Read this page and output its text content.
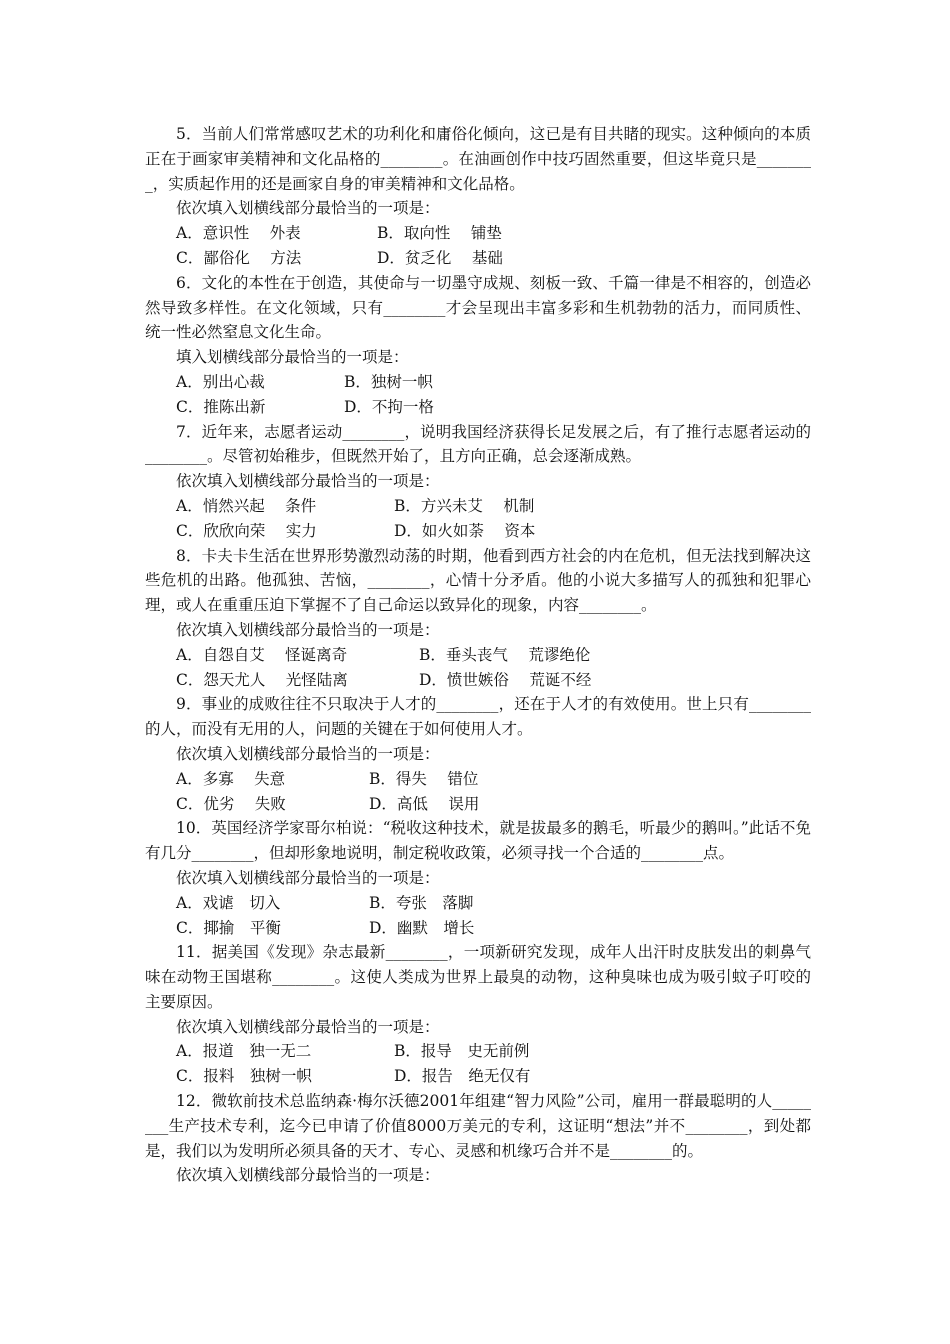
5．当前人们常常感叹艺术的功利化和庸俗化倾向，这已是有目共睹的现实。这种倾向的本质正在于画家审美精神和文化品格的________。在油画创作中技巧固然重要，但这毕竟只是________，实质起作用的还是画家自身的审美精神和文化品格。

依次填入划横线部分最恰当的一项是：

A．意识性　 外表	B．取向性　 铺垫
C．鄙俗化　 方法	D．贫乏化　 基础

6．文化的本性在于创造，其使命与一切墨守成规、刻板一致、千篇一律是不相容的，创造必然导致多样性。在文化领域，只有________才会呈现出丰富多彩和生机勃勃的活力，而同质性、统一性必然窒息文化生命。

填入划横线部分最恰当的一项是：

A．别出心裁	B．独树一帜
C．推陈出新	D．不拘一格

7．近年来，志愿者运动________，说明我国经济获得长足发展之后，有了推行志愿者运动的________。尽管初始稚步，但既然开始了，且方向正确，总会逐渐成熟。

依次填入划横线部分最恰当的一项是：

A．悄然兴起　 条件	B．方兴未艾　 机制
C．欣欣向荣　 实力	D．如火如荼　 资本

8．卡夫卡生活在世界形势激烈动荡的时期，他看到西方社会的内在危机，但无法找到解决这些危机的出路。他孤独、苦恼，________，心情十分矛盾。他的小说大多描写人的孤独和犯罪心理，或人在重重压迫下掌握不了自己命运以致异化的现象，内容________。

依次填入划横线部分最恰当的一项是：

A．自怨自艾　 怪诞离奇	B．垂头丧气　 荒谬绝伦
C．怨天尤人　 光怪陆离	D．愤世嫉俗　 荒诞不经

9．事业的成败往往不只取决于人才的________，还在于人才的有效使用。世上只有________的人，而没有无用的人，问题的关键在于如何使用人才。

依次填入划横线部分最恰当的一项是：

A．多寡　 失意	B．得失　 错位
C．优劣　 失败	D．高低　 误用

10．英国经济学家哥尔柏说：“税收这种技术，就是拔最多的鹅毛，听最少的鹅叫。”此话不免有几分________，但却形象地说明，制定税收政策，必须寻找一个合适的________点。

依次填入划横线部分最恰当的一项是：

A．戏谑　切入	B．夸张　落脚
C．揶揄　平衡	D．幽默　增长

11．据美国《发现》杂志最新________，一项新研究发现，成年人出汗时皮肤发出的刺鼻气味在动物王国堪称________。这使人类成为世界上最臭的动物，这种臭味也成为吸引蚊子叮咬的主要原因。

依次填入划横线部分最恰当的一项是：

A．报道　独一无二	B．报导　史无前例
C．报料　独树一帜	D．报告　绝无仅有

12．微软前技术总监纳森·梅尔沃德2001年组建“智力风险”公司，雇用一群最聪明的人________生产技术专利，迄今已申请了价值8000万美元的专利，这证明“想法”并不________，到处都是，我们以为发明所必须具备的天才、专心、灵感和机缘巧合并不是________的。

依次填入划横线部分最恰当的一项是：
